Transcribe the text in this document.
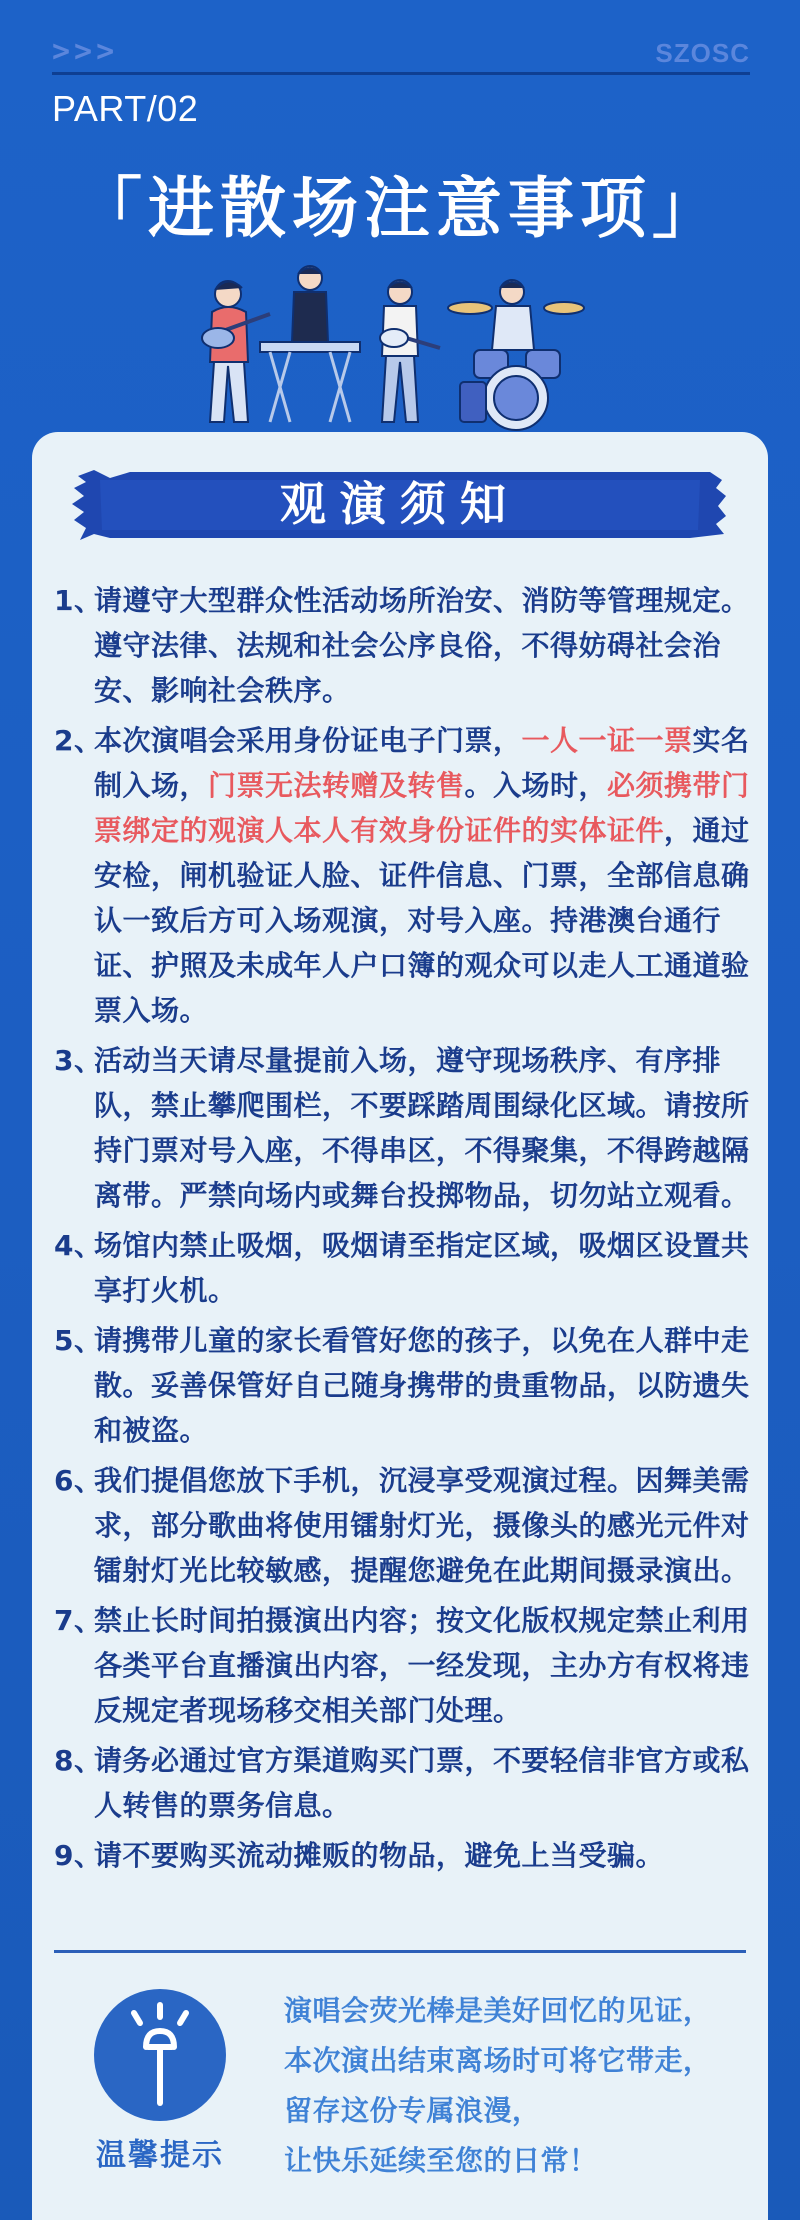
>>>	SZOSC
PART/02
「进散场注意事项」
观演须知
1、
请遵守大型群众性活动场所治安、消防等管理规定。遵守法律、法规和社会公序良俗，不得妨碍社会治安、影响社会秩序。
2、
本次演唱会采用身份证电子门票，一人一证一票实名制入场，门票无法转赠及转售。入场时，必须携带门票绑定的观演人本人有效身份证件的实体证件，通过安检，闸机验证人脸、证件信息、门票，全部信息确认一致后方可入场观演，对号入座。持港澳台通行证、护照及未成年人户口簿的观众可以走人工通道验票入场。
3、
活动当天请尽量提前入场，遵守现场秩序、有序排队，禁止攀爬围栏，不要踩踏周围绿化区域。请按所持门票对号入座，不得串区，不得聚集，不得跨越隔离带。严禁向场内或舞台投掷物品，切勿站立观看。
4、
场馆内禁止吸烟，吸烟请至指定区域，吸烟区设置共享打火机。
5、
请携带儿童的家长看管好您的孩子，以免在人群中走散。妥善保管好自己随身携带的贵重物品，以防遗失和被盗。
6、
我们提倡您放下手机，沉浸享受观演过程。因舞美需求，部分歌曲将使用镭射灯光，摄像头的感光元件对镭射灯光比较敏感，提醒您避免在此期间摄录演出。
7、
禁止长时间拍摄演出内容；按文化版权规定禁止利用各类平台直播演出内容，一经发现，主办方有权将违反规定者现场移交相关部门处理。
8、
请务必通过官方渠道购买门票，不要轻信非官方或私人转售的票务信息。
9、
请不要购买流动摊贩的物品，避免上当受骗。
温馨提示
演唱会荧光棒是美好回忆的见证，
本次演出结束离场时可将它带走，
留存这份专属浪漫，
让快乐延续至您的日常！
